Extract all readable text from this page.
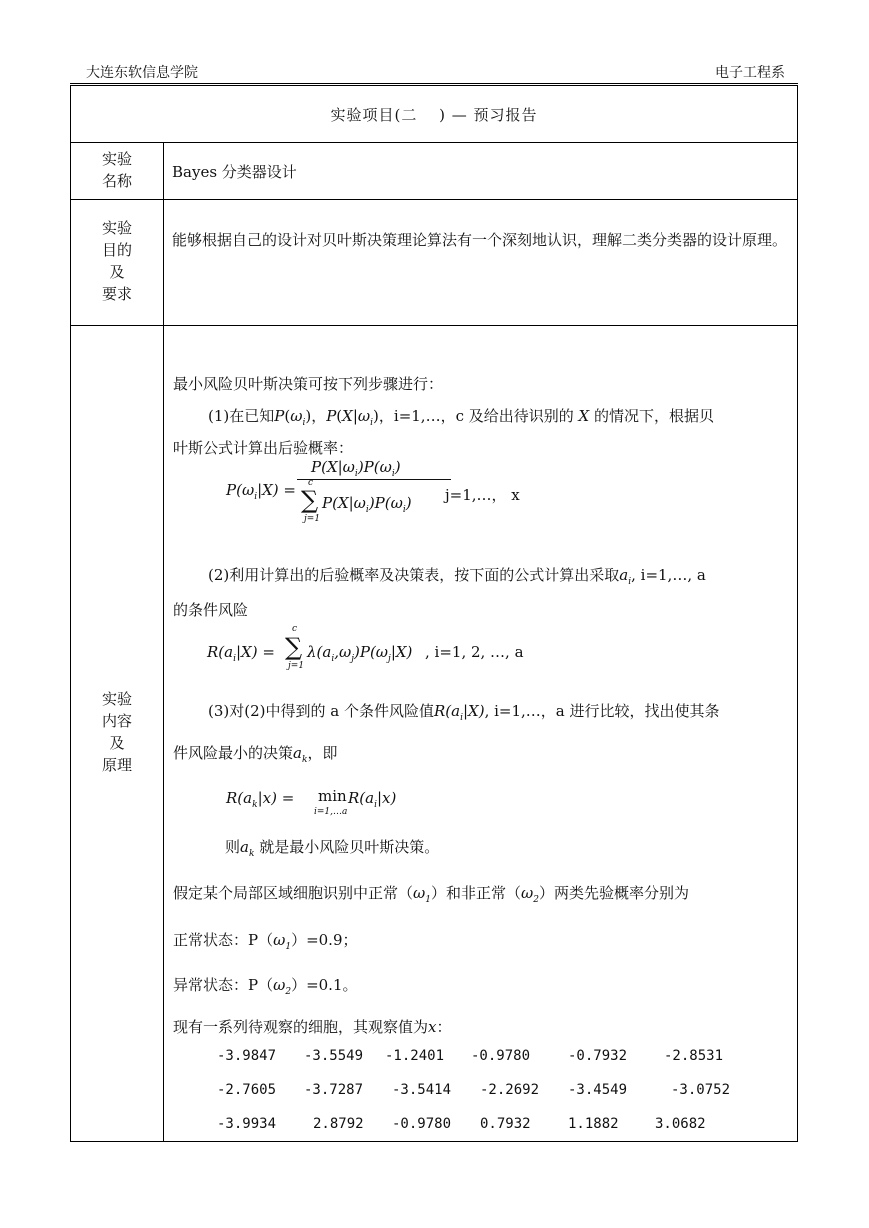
大连东软信息学院	电子工程系
实验项目(二　 ) — 预习报告
实验
名称	Bayes 分类器设计
实验
目的
及
要求
能够根据自己的设计对贝叶斯决策理论算法有一个深刻地认识，理解二类分类器的设计原理。
实验
内容
及
原理
最小风险贝叶斯决策可按下列步骤进行：
(1)在已知$P(\omega_i)$，$P(X|\omega_i)$，i=1,…，c 及给出待识别的 X 的情况下，根据贝
叶斯公式计算出后验概率：
$P(\omega_i|X)$ =
$P(X|\omega_i)P(\omega_i)$
∑
c
j=1
$P(X|\omega_i)P(\omega_i)$ j=1,…， x
(2)利用计算出的后验概率及决策表，按下面的公式计算出采取$a_i$, i=1,…, a
的条件风险
$R(a_i|X)$ = ∑
c
j=1
$\lambda(a_i,\omega_j)P(\omega_j|X)$ , i=1, 2, …, a
(3)对(2)中得到的 a 个条件风险值$R(a_i|X)$, i=1,…，a 进行比较，找出使其条
件风险最小的决策$a_k$，即
$R(a_k|x) = \min$
i=1,…a
$R(a_i|x)$
则$a_k$ 就是最小风险贝叶斯决策。
假定某个局部区域细胞识别中正常$(\omega_1)$和非正常$(\omega_2)$两类先验概率分别为
正常状态：$P(\omega_1)=0.9$；
异常状态：$P(\omega_2)=0.1$。
现有一系列待观察的细胞，其观察值为x：
-3.9847 -3.5549 -1.2401 -0.9780	-0.7932	-2.8531
-2.7605 -3.7287 -3.5414 -2.2692 -3.4549	-3.0752
-3.9934	2.8792 -0.9780 0.7932	1.1882	3.0682
